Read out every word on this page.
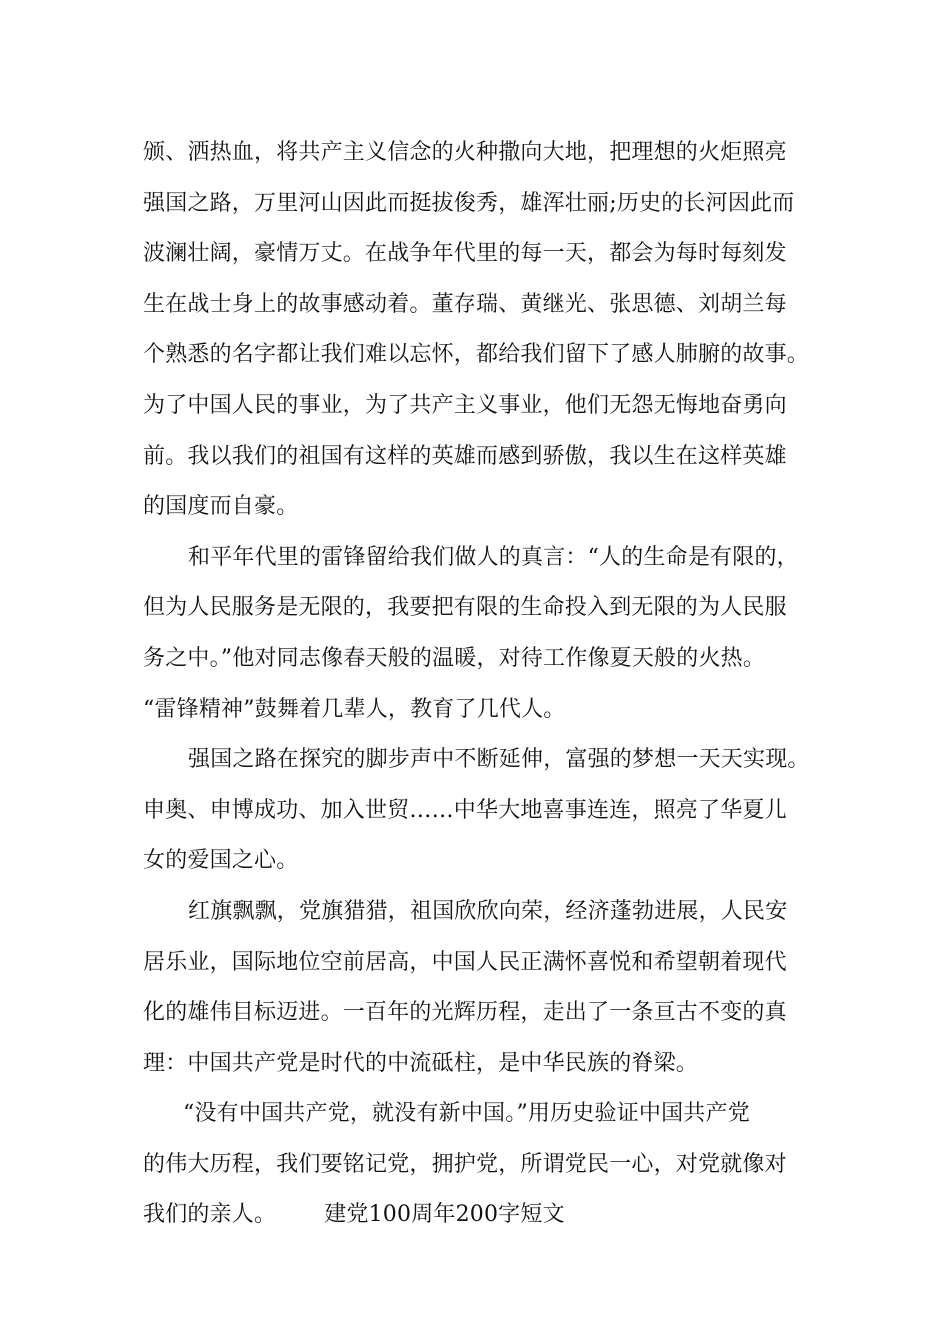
颁、洒热血，将共产主义信念的火种撒向大地，把理想的火炬照亮
强国之路，万里河山因此而挺拔俊秀，雄浑壮丽;历史的长河因此而
波澜壮阔，豪情万丈。在战争年代里的每一天，都会为每时每刻发
生在战士身上的故事感动着。董存瑞、黄继光、张思德、刘胡兰每
个熟悉的名字都让我们难以忘怀，都给我们留下了感人肺腑的故事。
为了中国人民的事业，为了共产主义事业，他们无怨无悔地奋勇向
前。我以我们的祖国有这样的英雄而感到骄傲，我以生在这样英雄
的国度而自豪。
和平年代里的雷锋留给我们做人的真言：“人的生命是有限的，
但为人民服务是无限的，我要把有限的生命投入到无限的为人民服
务之中。”他对同志像春天般的温暖，对待工作像夏天般的火热。
“雷锋精神”鼓舞着几辈人，教育了几代人。
强国之路在探究的脚步声中不断延伸，富强的梦想一天天实现。
申奥、申博成功、加入世贸……中华大地喜事连连，照亮了华夏儿
女的爱国之心。
红旗飘飘，党旗猎猎，祖国欣欣向荣，经济蓬勃进展，人民安
居乐业，国际地位空前居高，中国人民正满怀喜悦和希望朝着现代
化的雄伟目标迈进。一百年的光辉历程，走出了一条亘古不变的真
理：中国共产党是时代的中流砥柱，是中华民族的脊梁。
“没有中国共产党，就没有新中国。”用历史验证中国共产党
的伟大历程，我们要铭记党，拥护党，所谓党民一心，对党就像对
我们的亲人。 建党100周年200字短文
